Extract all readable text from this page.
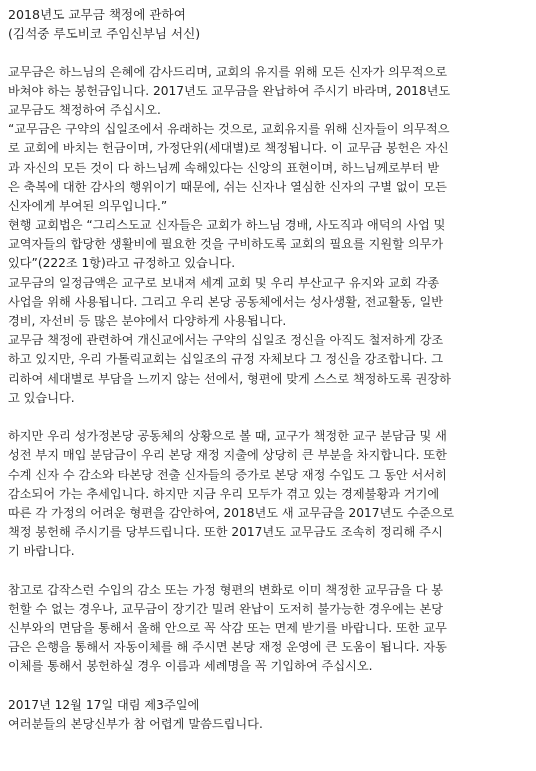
2018년도 교무금 책정에 관하여
(김석중 루도비코 주임신부님 서신)
교무금은 하느님의 은혜에 감사드리며, 교회의 유지를 위해 모든 신자가 의무적으로
바쳐야 하는 봉헌금입니다. 2017년도 교무금을 완납하여 주시기 바라며, 2018년도
교무금도 책정하여 주십시오.
“교무금은 구약의 십일조에서 유래하는 것으로, 교회유지를 위해 신자들이 의무적으
로 교회에 바치는 헌금이며, 가정단위(세대별)로 책정됩니다. 이 교무금 봉헌은 자신
과 자신의 모든 것이 다 하느님께 속해있다는 신앙의 표현이며, 하느님께로부터 받
은 축복에 대한 감사의 행위이기 때문에, 쉬는 신자나 열심한 신자의 구별 없이 모든
신자에게 부여된 의무입니다.”
현행 교회법은 “그리스도교 신자들은 교회가 하느님 경배, 사도직과 애덕의 사업 및
교역자들의 합당한 생활비에 필요한 것을 구비하도록 교회의 필요를 지원할 의무가
있다”(222조 1항)라고 규정하고 있습니다.
교무금의 일정금액은 교구로 보내져 세계 교회 및 우리 부산교구 유지와 교회 각종
사업을 위해 사용됩니다. 그리고 우리 본당 공동체에서는 성사생활, 전교활동, 일반
경비, 자선비 등 많은 분야에서 다양하게 사용됩니다.
교무금 책정에 관련하여 개신교에서는 구약의 십일조 정신을 아직도 철저하게 강조
하고 있지만, 우리 가톨릭교회는 십일조의 규정 자체보다 그 정신을 강조합니다. 그
리하여 세대별로 부담을 느끼지 않는 선에서, 형편에 맞게 스스로 책정하도록 권장하
고 있습니다.
하지만 우리 성가정본당 공동체의 상황으로 볼 때, 교구가 책정한 교구 분담금 및 새
성전 부지 매입 분담금이 우리 본당 재정 지출에 상당히 큰 부분을 차지합니다. 또한
수계 신자 수 감소와 타본당 전출 신자들의 증가로 본당 재정 수입도 그 동안 서서히
감소되어 가는 추세입니다. 하지만 지금 우리 모두가 겪고 있는 경제불황과 거기에
따른 각 가정의 어려운 형편을 감안하여, 2018년도 새 교무금을 2017년도 수준으로
책정 봉헌해 주시기를 당부드립니다. 또한 2017년도 교무금도 조속히 정리해 주시
기 바랍니다.
참고로 갑작스런 수입의 감소 또는 가정 형편의 변화로 이미 책정한 교무금을 다 봉
헌할 수 없는 경우나, 교무금이 장기간 밀려 완납이 도저히 불가능한 경우에는 본당
신부와의 면담을 통해서 올해 안으로 꼭 삭감 또는 면제 받기를 바랍니다. 또한 교무
금은 은행을 통해서 자동이체를 해 주시면 본당 재정 운영에 큰 도움이 됩니다. 자동
이체를 통해서 봉헌하실 경우 이름과 세례명을 꼭 기입하여 주십시오.
2017년 12월 17일 대림 제3주일에
여러분들의 본당신부가 참 어렵게 말씀드립니다.
